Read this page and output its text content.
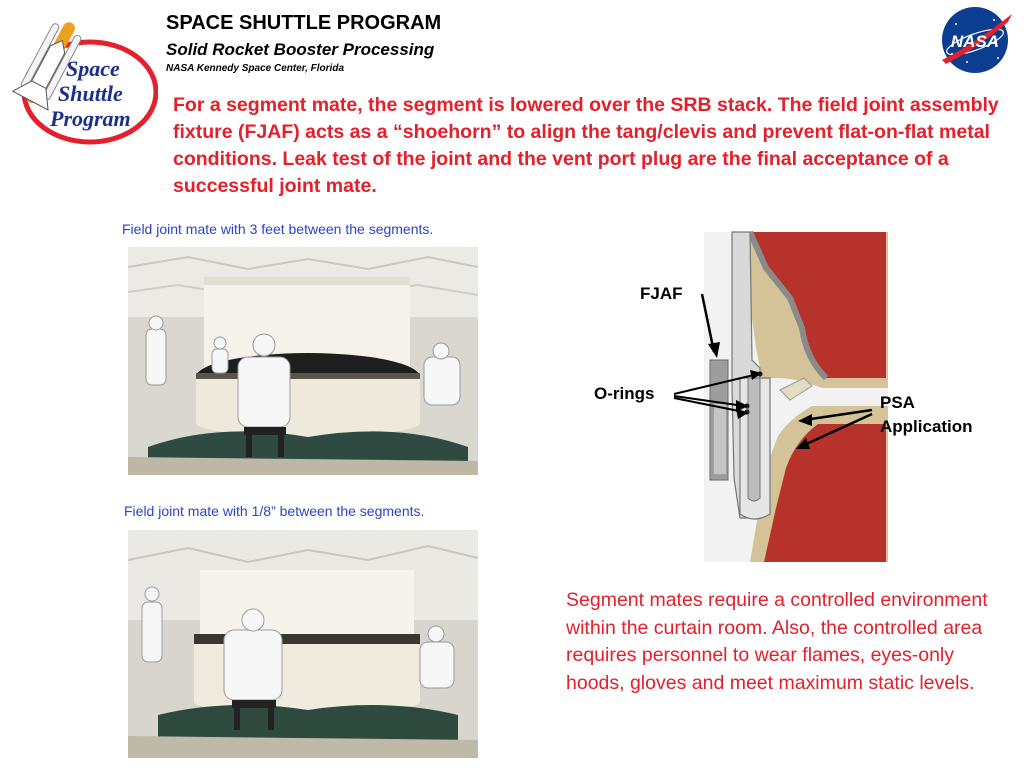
Space
Shuttle
Program
SPACE SHUTTLE PROGRAM
Solid Rocket Booster Processing
NASA Kennedy Space Center, Florida
NASA
For a segment mate, the segment is lowered over the SRB stack. The field joint assembly fixture (FJAF) acts as a “shoehorn” to align the tang/clevis and prevent flat-on-flat metal conditions. Leak test of the joint and the vent port plug are the final acceptance of a successful joint mate.
Field joint mate with 3 feet between the segments.
Field joint mate with 1/8” between the segments.
FJAF
O-rings	PSA
Application
Segment mates require a controlled environment within the curtain room. Also, the controlled area requires personnel to wear flames, eyes-only hoods, gloves and meet maximum static levels.
